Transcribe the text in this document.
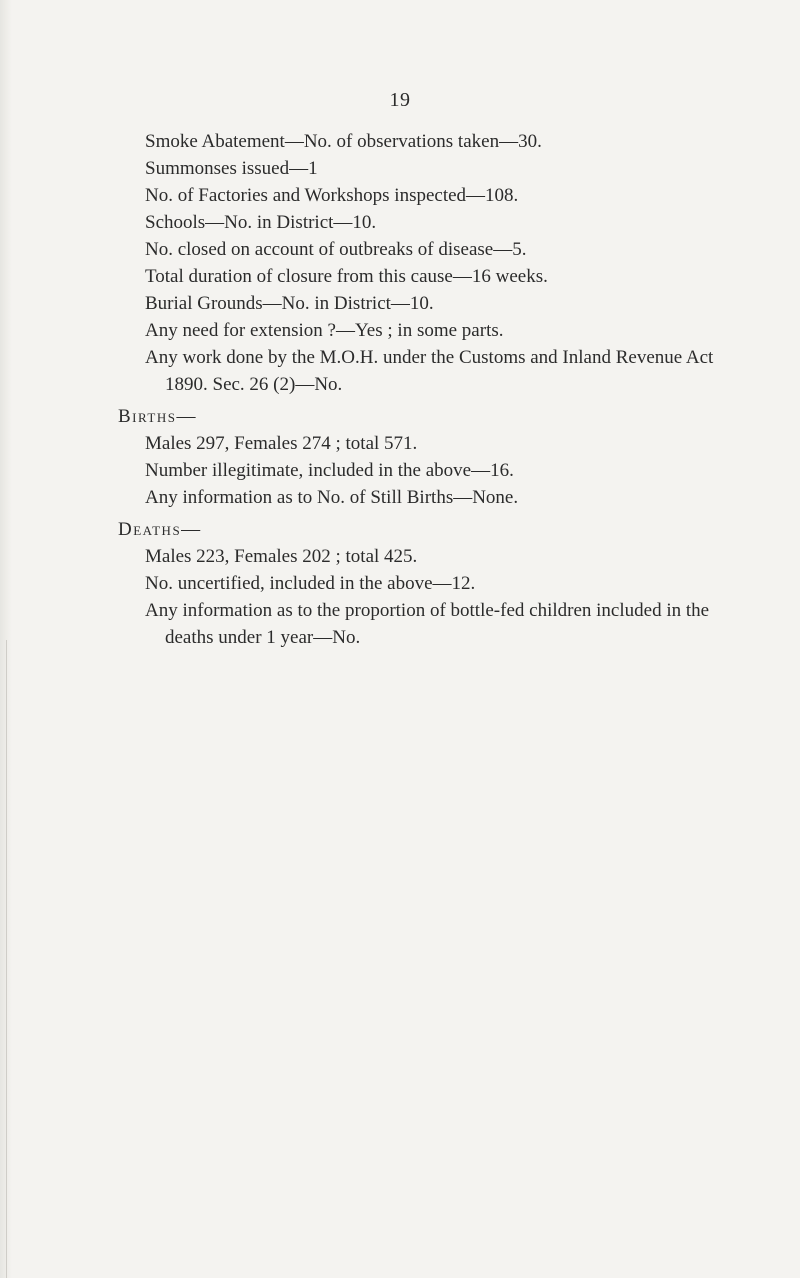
19
Smoke Abatement—No. of observations taken—30.
Summonses issued—1
No. of Factories and Workshops inspected—108.
Schools—No. in District—10.
No. closed on account of outbreaks of disease—5.
Total duration of closure from this cause—16 weeks.
Burial Grounds—No. in District—10.
Any need for extension ?—Yes ; in some parts.
Any work done by the M.O.H. under the Customs and Inland Revenue Act 1890. Sec. 26 (2)—No.
Births—
Males 297, Females 274 ; total 571.
Number illegitimate, included in the above—16.
Any information as to No. of Still Births—None.
Deaths—
Males 223, Females 202 ; total 425.
No. uncertified, included in the above—12.
Any information as to the proportion of bottle-fed children included in the deaths under 1 year—No.
